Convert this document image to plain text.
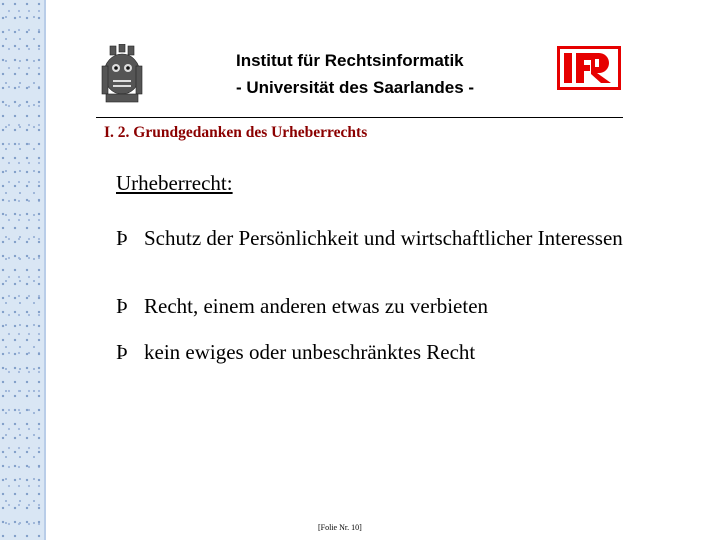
Institut für Rechtsinformatik
- Universität des Saarlandes -
I. 2. Grundgedanken des Urheberrechts
Urheberrecht:
Þ Schutz der Persönlichkeit und wirtschaftlicher Interessen
Þ Recht, einem anderen etwas zu verbieten
Þ kein ewiges oder unbeschränktes Recht
[Folie Nr. 10]
